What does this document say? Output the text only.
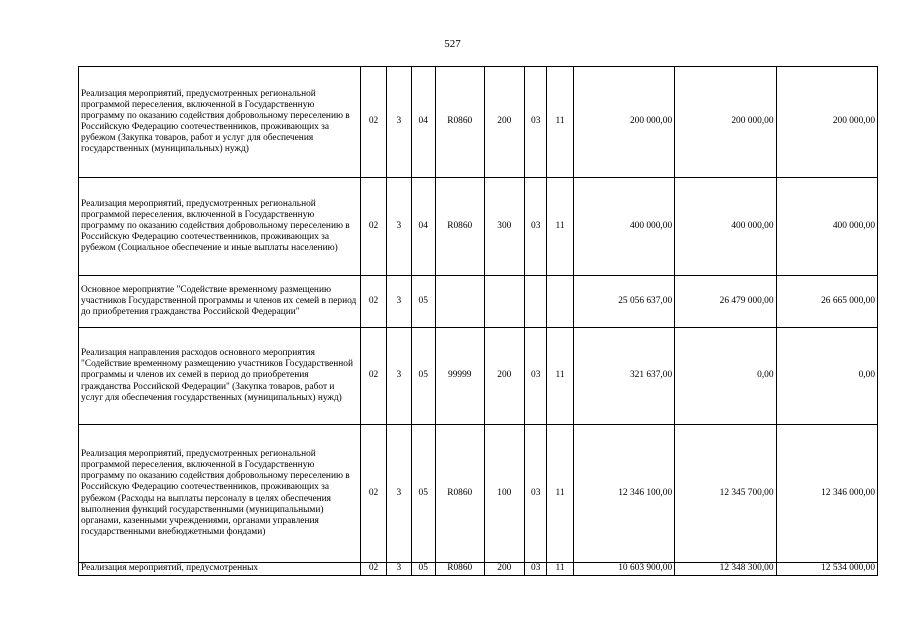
527
Реализация мероприятий, предусмотренных региональной программой переселения, включенной в Государственную программу по оказанию содействия добровольному переселению в Российскую Федерацию соотечественников, проживающих за рубежом (Закупка товаров, работ и услуг для обеспечения государственных (муниципальных) нужд)	02	3	04	R0860	200	03	11	200 000,00	200 000,00	200 000,00
Реализация мероприятий, предусмотренных региональной программой переселения, включенной в Государственную программу по оказанию содействия добровольному переселению в Российскую Федерацию соотечественников, проживающих за рубежом (Социальное обеспечение и иные выплаты населению)	02	3	04	R0860	300	03	11	400 000,00	400 000,00	400 000,00
Основное мероприятие "Содействие временному размещению участников Государственной программы и членов их семей в период до приобретения гражданства Российской Федерации"	02	3	05					25 056 637,00	26 479 000,00	26 665 000,00
Реализация направления расходов основного мероприятия "Содействие временному размещению участников Государственной программы и членов их семей в период до приобретения гражданства Российской Федерации" (Закупка товаров, работ и услуг для обеспечения государственных (муниципальных) нужд)	02	3	05	99999	200	03	11	321 637,00	0,00	0,00
Реализация мероприятий, предусмотренных региональной программой переселения, включенной в Государственную программу по оказанию содействия добровольному переселению в Российскую Федерацию соотечественников, проживающих за рубежом (Расходы на выплаты персоналу в целях обеспечения выполнения функций государственными (муниципальными) органами, казенными учреждениями, органами управления государственными внебюджетными фондами)	02	3	05	R0860	100	03	11	12 346 100,00	12 345 700,00	12 346 000,00
Реализация мероприятий, предусмотренных	02	3	05	R0860	200	03	11	10 603 900,00	12 348 300,00	12 534 000,00
